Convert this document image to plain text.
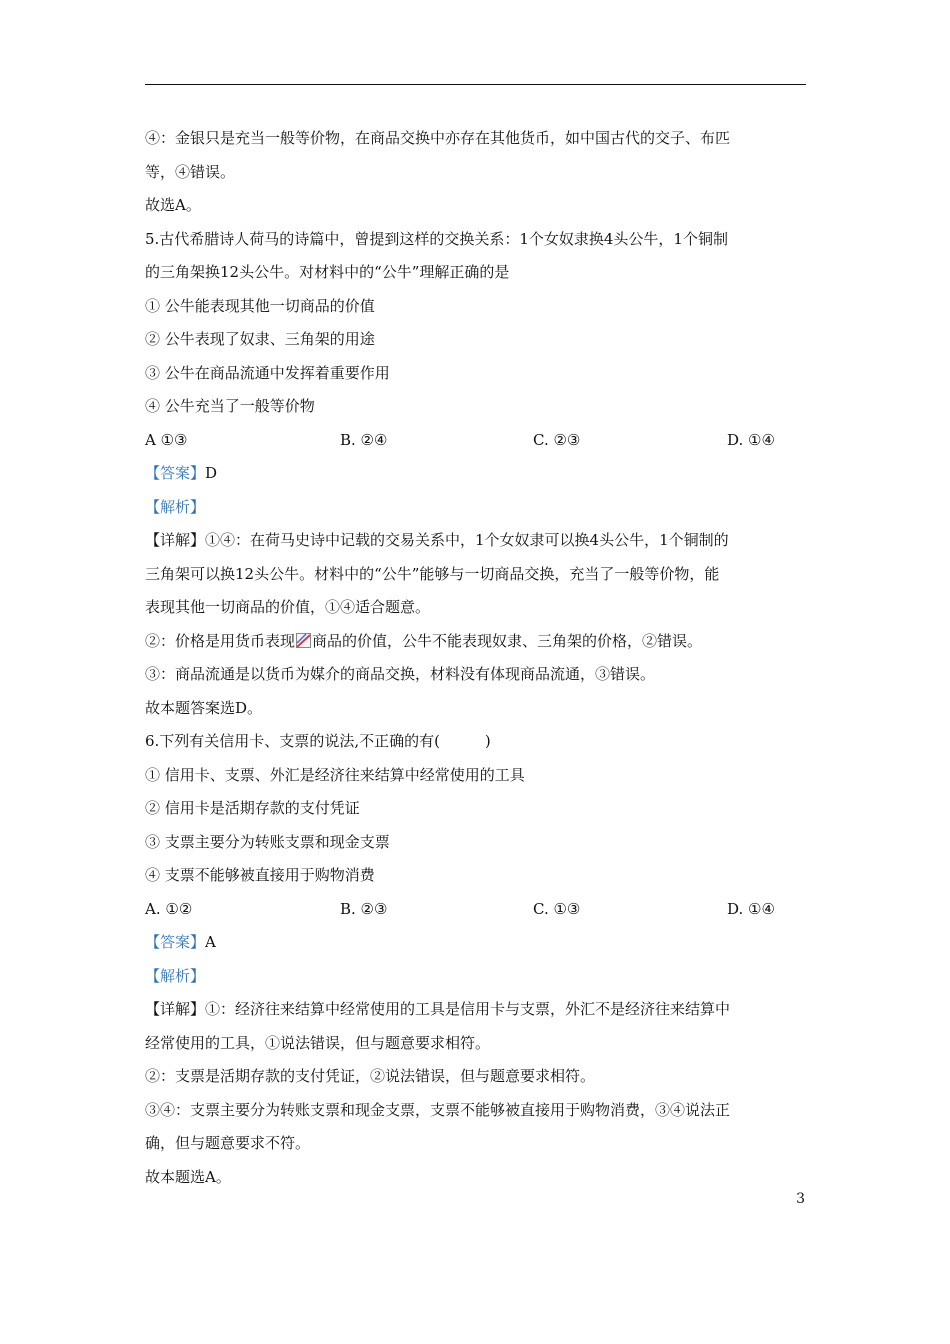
④：金银只是充当一般等价物，在商品交换中亦存在其他货币，如中国古代的交子、布匹
等，④错误。
故选A。
5.古代希腊诗人荷马的诗篇中，曾提到这样的交换关系：1个女奴隶换4头公牛，1个铜制
的三角架换12头公牛。对材料中的“公牛”理解正确的是
① 公牛能表现其他一切商品的价值
② 公牛表现了奴隶、三角架的用途
③ 公牛在商品流通中发挥着重要作用
④ 公牛充当了一般等价物
A ①③	B. ②④	C. ②③	D. ①④
【答案】D
【解析】
【详解】①④：在荷马史诗中记载的交易关系中，1个女奴隶可以换4头公牛，1个铜制的
三角架可以换12头公牛。材料中的“公牛”能够与一切商品交换，充当了一般等价物，能
表现其他一切商品的价值，①④适合题意。
②：价格是用货币表现 商品的价值，公牛不能表现奴隶、三角架的价格，②错误。
③：商品流通是以货币为媒介的商品交换，材料没有体现商品流通，③错误。
故本题答案选D。
6.下列有关信用卡、支票的说法,不正确的有(　　　)
① 信用卡、支票、外汇是经济往来结算中经常使用的工具
② 信用卡是活期存款的支付凭证
③ 支票主要分为转账支票和现金支票
④ 支票不能够被直接用于购物消费
A. ①②	B. ②③	C. ①③	D. ①④
【答案】A
【解析】
【详解】①：经济往来结算中经常使用的工具是信用卡与支票，外汇不是经济往来结算中
经常使用的工具，①说法错误，但与题意要求相符。
②：支票是活期存款的支付凭证，②说法错误，但与题意要求相符。
③④：支票主要分为转账支票和现金支票，支票不能够被直接用于购物消费，③④说法正
确，但与题意要求不符。
故本题选A。
3
